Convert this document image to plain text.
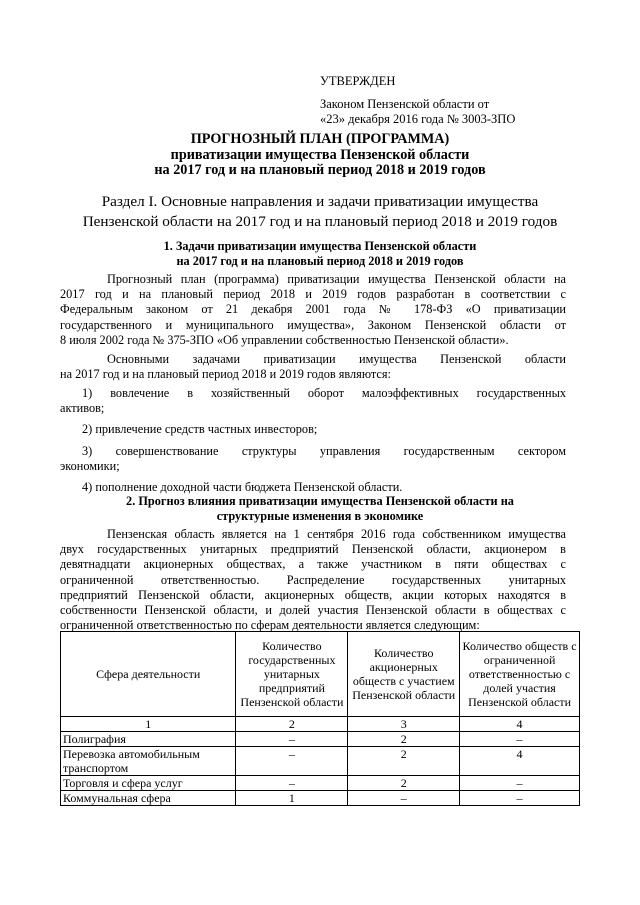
УТВЕРЖДЕН
Законом Пензенской области от
«23» декабря 2016 года № 3003-ЗПО
ПРОГНОЗНЫЙ ПЛАН (ПРОГРАММА)
приватизации имущества Пензенской области
на 2017 год и на плановый период 2018 и 2019 годов
Раздел I. Основные направления и задачи приватизации имущества
Пензенской области на 2017 год и на плановый период 2018 и 2019 годов
1. Задачи приватизации имущества Пензенской области
на 2017 год и на плановый период 2018 и 2019 годов
Прогнозный план (программа) приватизации имущества Пензенской области на
2017 год и на плановый период 2018 и 2019 годов разработан в соответствии с
Федеральным законом от 21 декабря 2001 года № 178-ФЗ «О приватизации
государственного и муниципального имущества», Законом Пензенской области от
8 июля 2002 года № 375-ЗПО «Об управлении собственностью Пензенской области».
Основными задачами приватизации имущества Пензенской области
на 2017 год и на плановый период 2018 и 2019 годов являются:
1) вовлечение в хозяйственный оборот малоэффективных государственных
активов;
2) привлечение средств частных инвесторов;
3) совершенствование структуры управления государственным сектором
экономики;
4) пополнение доходной части бюджета Пензенской области.
2. Прогноз влияния приватизации имущества Пензенской области на
структурные изменения в экономике
Пензенская область является на 1 сентября 2016 года собственником имущества
двух государственных унитарных предприятий Пензенской области, акционером в
девятнадцати акционерных обществах, а также участником в пяти обществах с
ограниченной ответственностью. Распределение государственных унитарных
предприятий Пензенской области, акционерных обществ, акции которых находятся в
собственности Пензенской области, и долей участия Пензенской области в обществах с
ограниченной ответственностью по сферам деятельности является следующим:
Сфера деятельности	Количество государственных унитарных предприятий Пензенской области	Количество акционерных обществ с участием Пензенской области	Количество обществ с ограниченной ответственностью с долей участия Пензенской области
1	2	3	4
Полиграфия	–	2	–
Перевозка автомобильным транспортом	–	2	4
Торговля и сфера услуг	–	2	–
Коммунальная сфера	1	–	–
